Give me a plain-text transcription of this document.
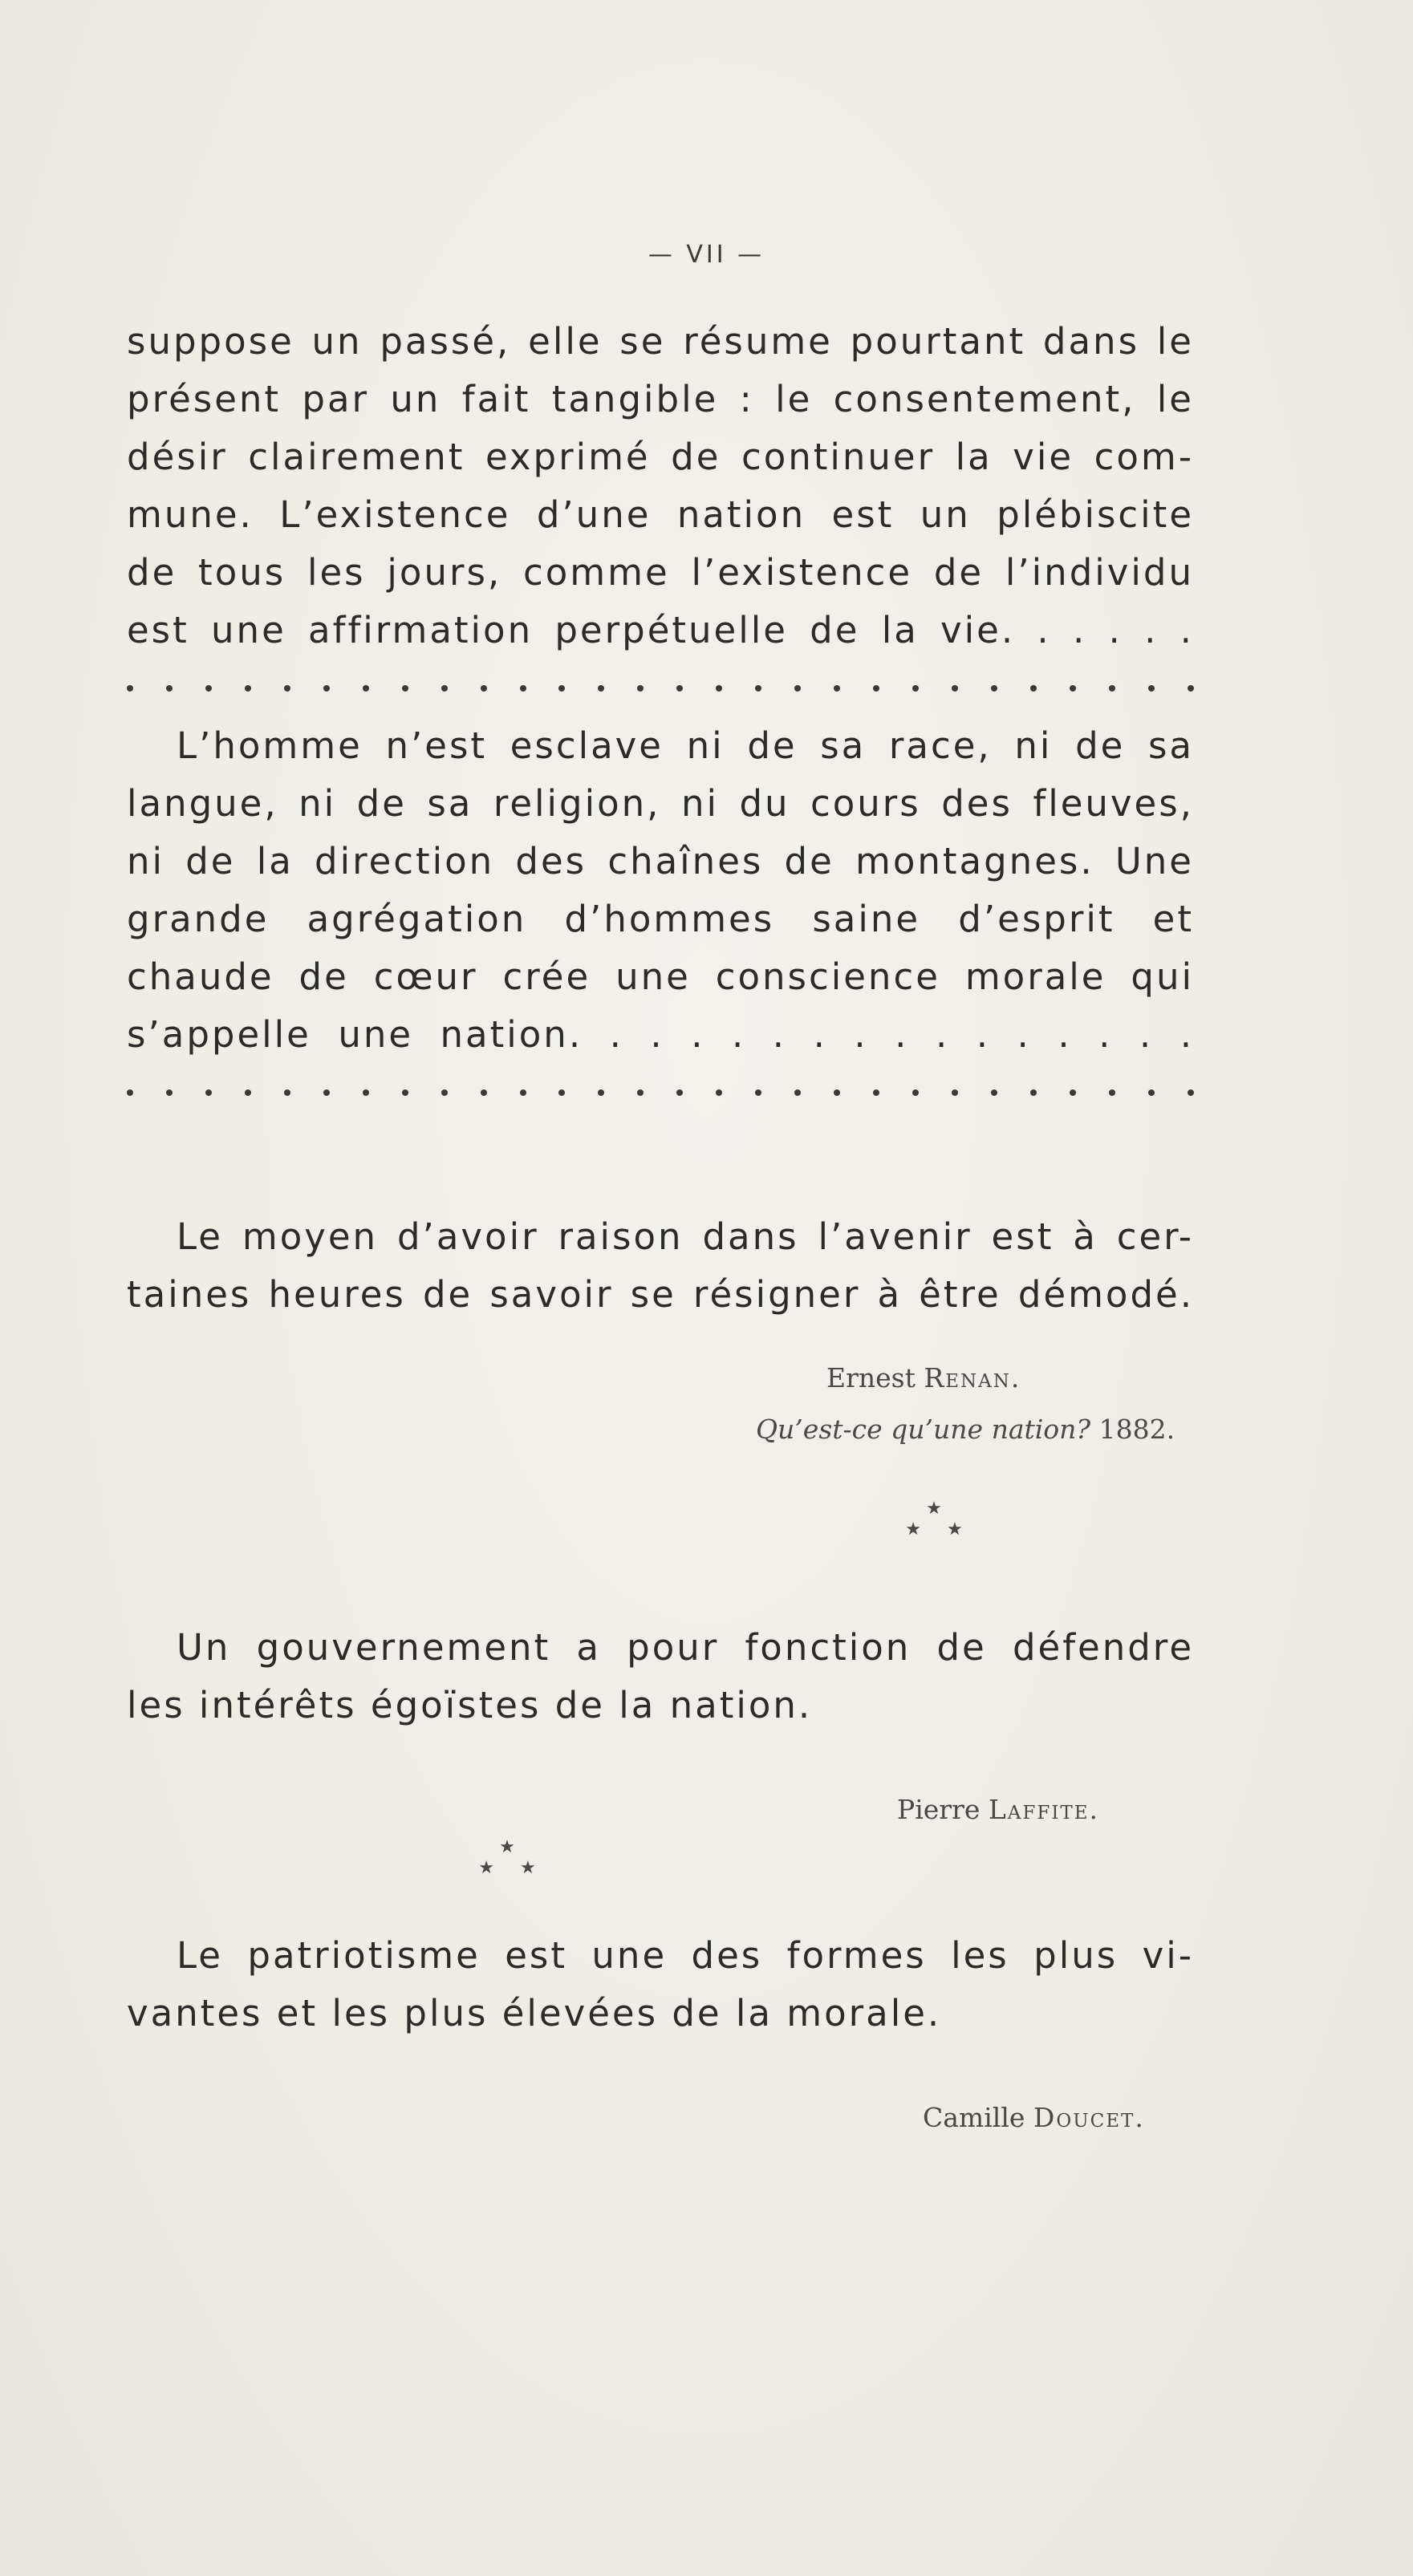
— VII —
suppose un passé, elle se résume pourtant dans le
présent par un fait tangible : le consentement, le
désir clairement exprimé de continuer la vie com-
mune. L’existence d’une nation est un plébiscite
de tous les jours, comme l’existence de l’individu
est une affirmation perpétuelle de la vie. . . . . .
L’homme n’est esclave ni de sa race, ni de sa
langue, ni de sa religion, ni du cours des fleuves,
ni de la direction des chaînes de montagnes. Une
grande agrégation d’hommes saine d’esprit et
chaude de cœur crée une conscience morale qui
s’appelle une nation. . . . . . . . . . . . . . . .
Le moyen d’avoir raison dans l’avenir est à cer-
taines heures de savoir se résigner à être démodé.
Ernest Renan.
Qu’est-ce qu’une nation? 1882.
★
★ ★
Un gouvernement a pour fonction de défendre
les intérêts égoïstes de la nation.
Pierre Laffite.
★
★ ★
Le patriotisme est une des formes les plus vi-
vantes et les plus élevées de la morale.
Camille Doucet.
